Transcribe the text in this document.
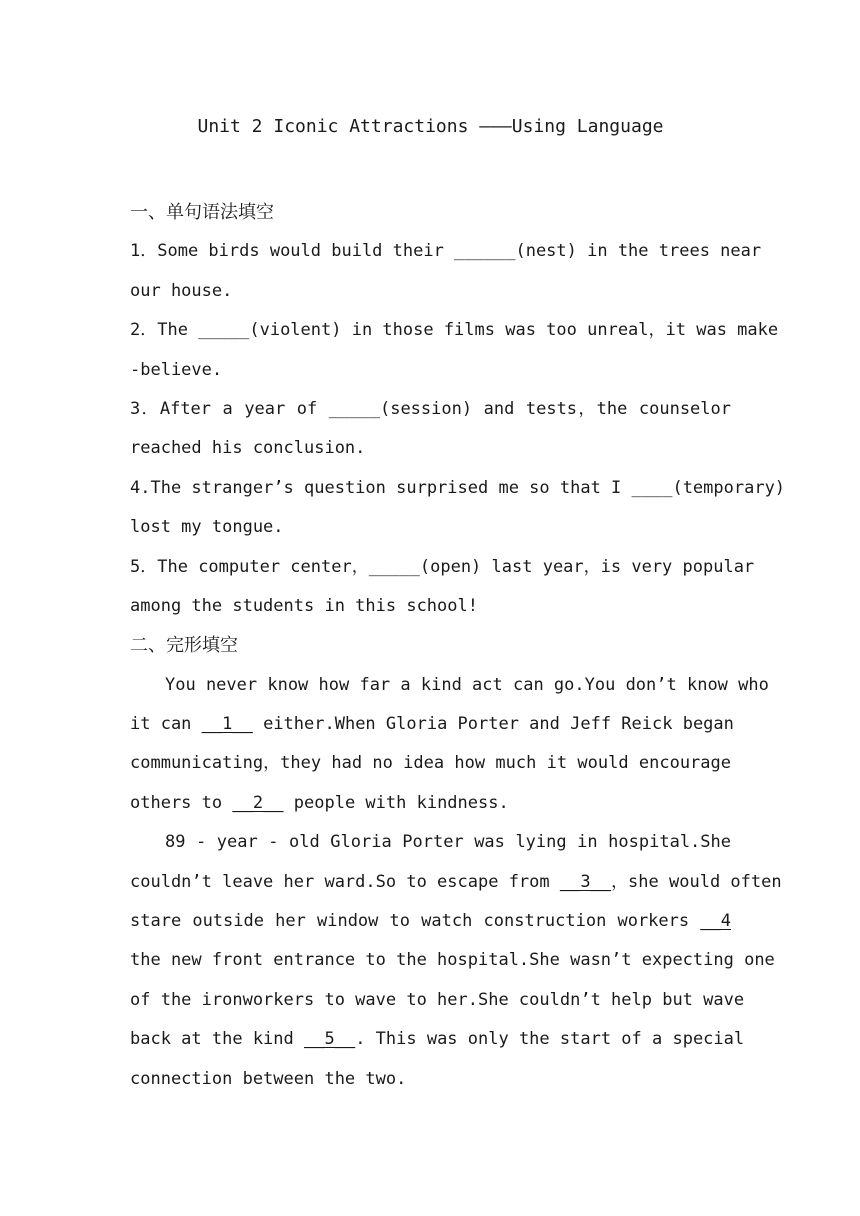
Unit 2 Iconic Attractions ———Using Language
一、单句语法填空
1．Some birds would build their ______(nest) in the trees near
our house.
2．The _____(violent) in those films was too unreal，it was make
-believe.
3．After a year of _____(session) and tests，the counselor
reached his conclusion.
4.The stranger’s question surprised me so that I ____(temporary)
lost my tongue.
5．The computer center，_____(open) last year，is very popular
among the students in this school!
二、完形填空
You never know how far a kind act can go.You don’t know who
it can __1__ either.When Gloria Porter and Jeff Reick began
communicating，they had no idea how much it would encourage
others to __2__ people with kindness.
89 - year - old Gloria Porter was lying in hospital.She
couldn’t leave her ward.So to escape from __3__，she would often
stare outside her window to watch construction workers __4
the new front entrance to the hospital.She wasn’t expecting one
of the ironworkers to wave to her.She couldn’t help but wave
back at the kind __5__. This was only the start of a special
connection between the two.
